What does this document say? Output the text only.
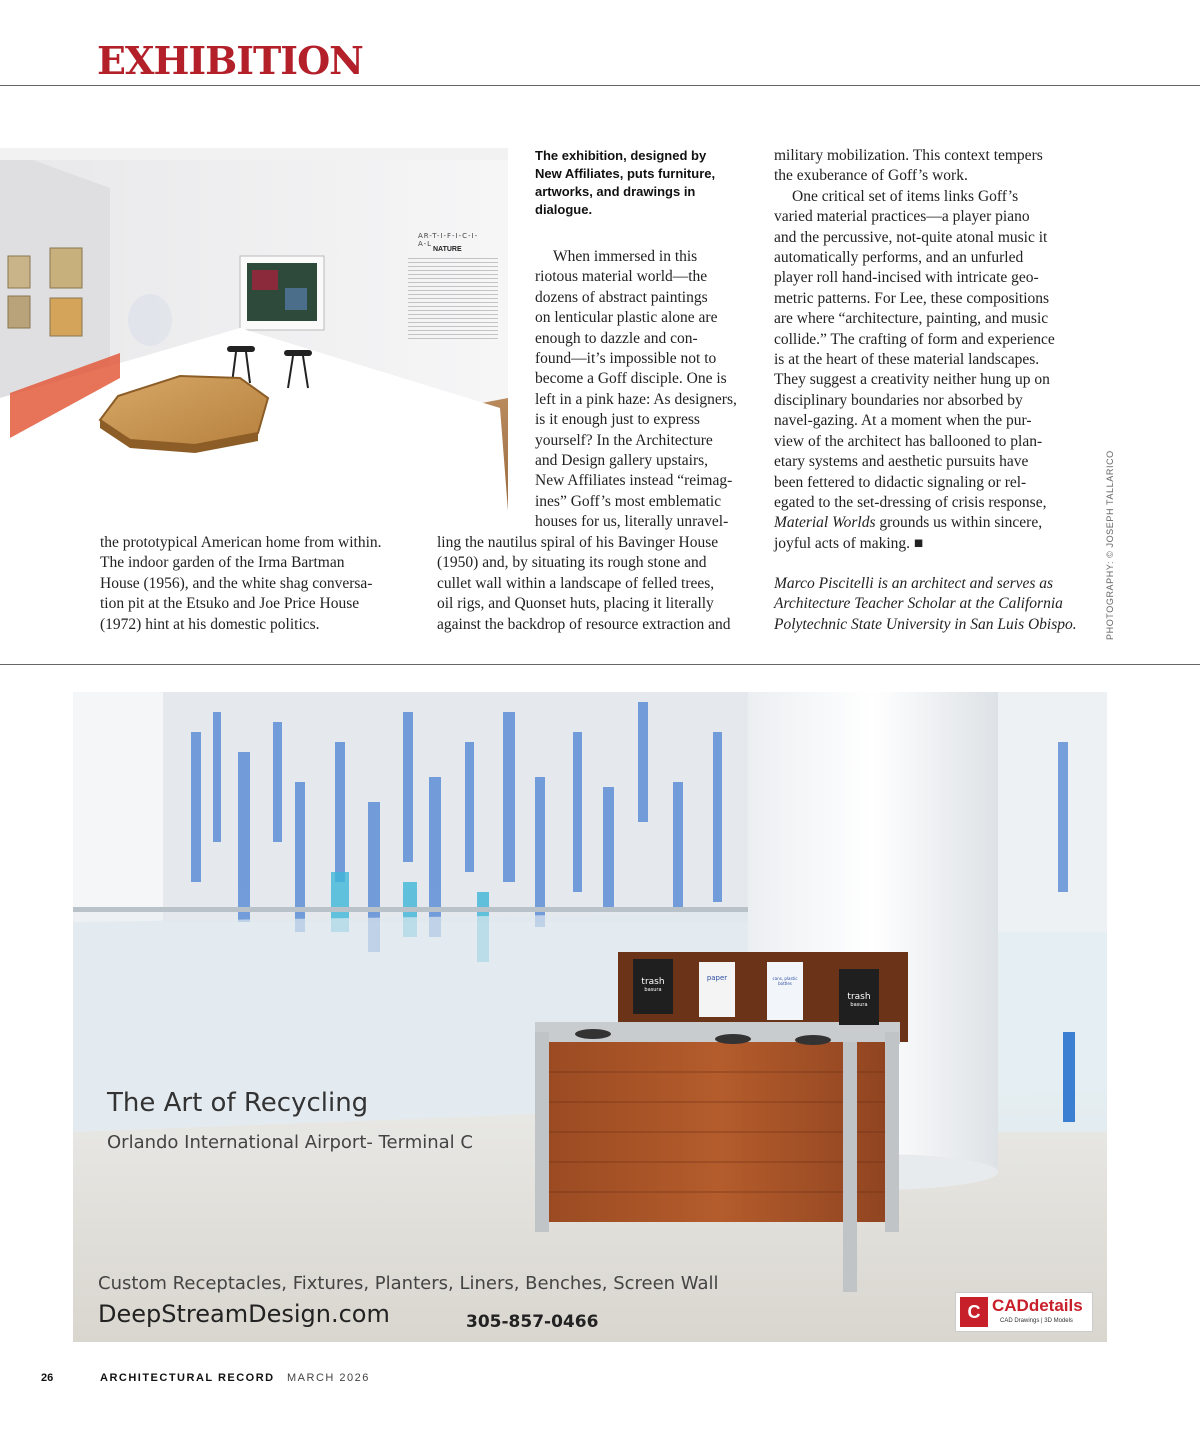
EXHIBITION
AR-T-I-F-I-C-I-A-L
NATURE
The exhibition, designed by New Affiliates, puts furniture, artworks, and drawings in dialogue.
the prototypical American home from within.
The indoor garden of the Irma Bartman
House (1956), and the white shag conversa-
tion pit at the Etsuko and Joe Price House
(1972) hint at his domestic politics.
When immersed in this
riotous material world—the
dozens of abstract paintings
on lenticular plastic alone are
enough to dazzle and con-
found—it’s impossible not to
become a Goff disciple. One is
left in a pink haze: As designers,
is it enough just to express
yourself? In the Architecture
and Design gallery upstairs,
New Affiliates instead “reimag-
ines” Goff’s most emblematic
houses for us, literally unravel-
ling the nautilus spiral of his Bavinger House
(1950) and, by situating its rough stone and
cullet wall within a landscape of felled trees,
oil rigs, and Quonset huts, placing it literally
against the backdrop of resource extraction and
military mobilization. This context tempers
the exuberance of Goff’s work.
One critical set of items links Goff’s
varied material practices—a player piano
and the percussive, not-quite atonal music it
automatically performs, and an unfurled
player roll hand-incised with intricate geo-
metric patterns. For Lee, these compositions
are where “architecture, painting, and music
collide.” The crafting of form and experience
is at the heart of these material landscapes.
They suggest a creativity neither hung up on
disciplinary boundaries nor absorbed by
navel-gazing. At a moment when the pur-
view of the architect has ballooned to plan-
etary systems and aesthetic pursuits have
been fettered to didactic signaling or rel-
egated to the set-dressing of crisis response,
Material Worlds grounds us within sincere,
joyful acts of making. ■
Marco Piscitelli is an architect and serves as
Architecture Teacher Scholar at the California
Polytechnic State University in San Luis Obispo.	PHOTOGRAPHY: © JOSEPH TALLARICO
The Art of Recycling
Orlando International Airport- Terminal C
Custom Receptacles, Fixtures, Planters, Liners, Benches, Screen Wall
DeepStreamDesign.com	305-857-0466
trash
basura
paper	cans, plastic bottles
trash
basura
C CADdetails
CAD Drawings | 3D Models
26	ARCHITECTURAL RECORD MARCH 2026
